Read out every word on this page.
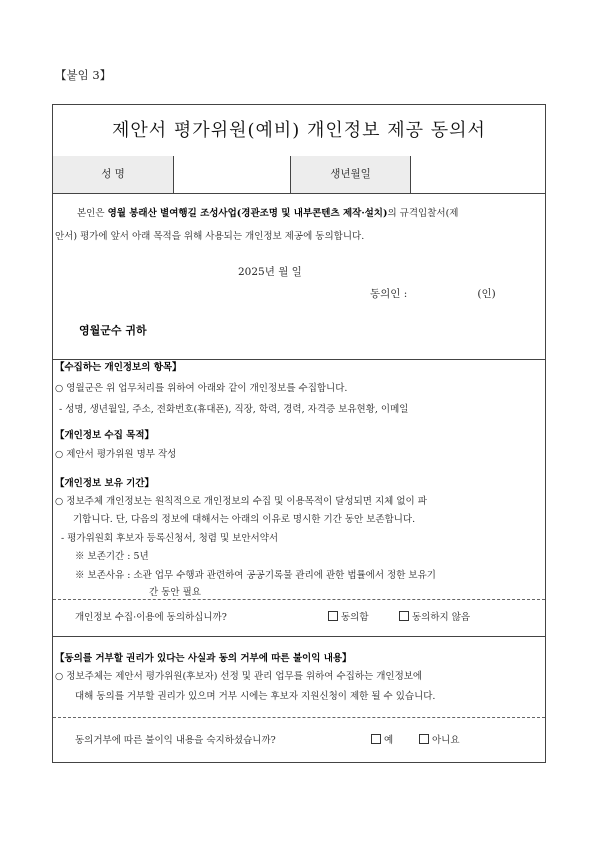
【붙임 3】
제안서 평가위원(예비) 개인정보 제공 동의서
성 명	생년월일
본인은 영월 봉래산 별여행길 조성사업(경관조명 및 내부콘텐츠 제작·설치)의 규격입찰서(제
안서) 평가에 앞서 아래 목적을 위해 사용되는 개인정보 제공에 동의합니다.
2025년 월 일
동의인 :                     (인)
영월군수 귀하
【수집하는 개인정보의 항목】
○ 영월군은 위 업무처리를 위하여 아래와 같이 개인정보를 수집합니다.
- 성명, 생년월일, 주소, 전화번호(휴대폰), 직장, 학력, 경력, 자격증 보유현황, 이메일
【개인정보 수집 목적】
○ 제안서 평가위원 명부 작성
【개인정보 보유 기간】
○ 정보주체 개인정보는 원칙적으로 개인정보의 수집 및 이용목적이 달성되면 지체 없이 파
기합니다. 단, 다음의 정보에 대해서는 아래의 이유로 명시한 기간 동안 보존합니다.
- 평가위원회 후보자 등록신청서, 청렴 및 보안서약서
※ 보존기간 : 5년
※ 보존사유 : 소관 업무 수행과 관련하여 공공기록물 관리에 관한 법률에서 정한 보유기
간 동안 필요
개인정보 수집·이용에 동의하십니까?	동의함	동의하지 않음
【동의를 거부할 권리가 있다는 사실과 동의 거부에 따른 불이익 내용】
○ 정보주체는 제안서 평가위원(후보자) 선정 및 관리 업무를 위하여 수집하는 개인정보에
대해 동의를 거부할 권리가 있으며 거부 시에는 후보자 지원신청이 제한 될 수 있습니다.
동의거부에 따른 불이익 내용을 숙지하셨습니까?	예	아니요
